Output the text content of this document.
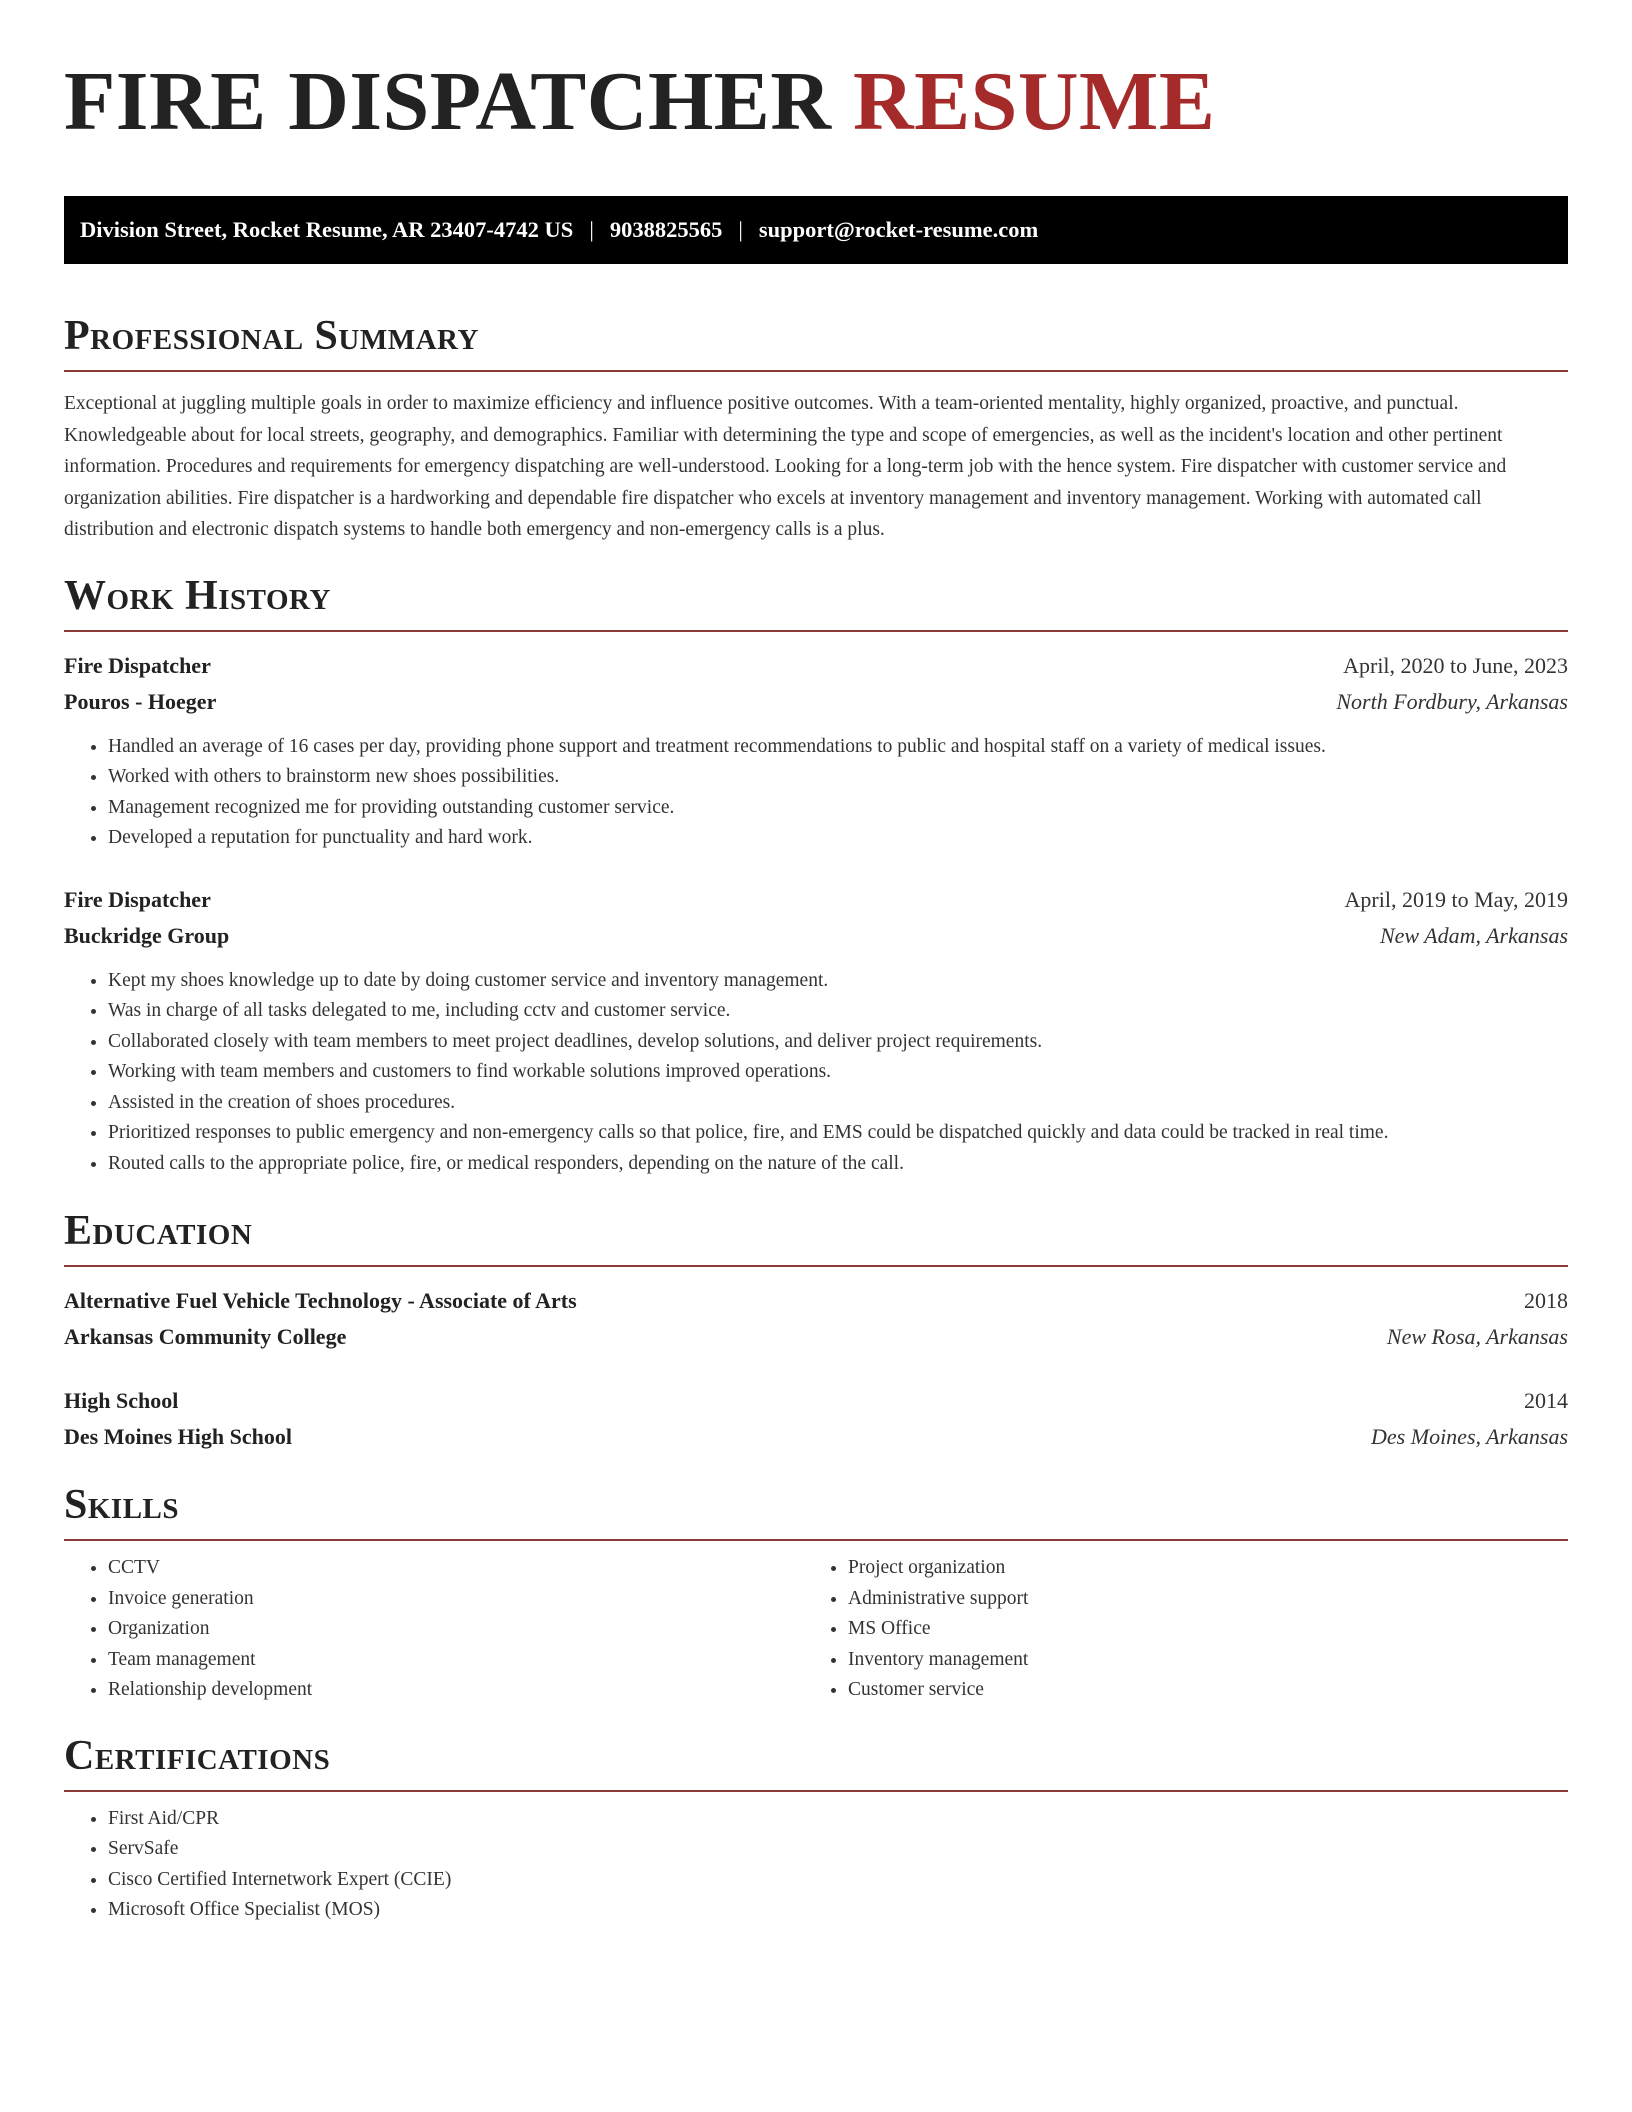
FIRE DISPATCHER RESUME
Division Street, Rocket Resume, AR 23407-4742 US | 9038825565 | support@rocket-resume.com
Professional Summary

Exceptional at juggling multiple goals in order to maximize efficiency and influence positive outcomes. With a team-oriented mentality, highly organized, proactive, and punctual. Knowledgeable about for local streets, geography, and demographics. Familiar with determining the type and scope of emergencies, as well as the incident's location and other pertinent information. Procedures and requirements for emergency dispatching are well-understood. Looking for a long-term job with the hence system. Fire dispatcher with customer service and organization abilities. Fire dispatcher is a hardworking and dependable fire dispatcher who excels at inventory management and inventory management. Working with automated call distribution and electronic dispatch systems to handle both emergency and non-emergency calls is a plus.

Work History
Fire Dispatcher	April, 2020 to June, 2023
Pouros - Hoeger	North Fordbury, Arkansas
• Handled an average of 16 cases per day, providing phone support and treatment recommendations to public and hospital staff on a variety of medical issues.
• Worked with others to brainstorm new shoes possibilities.
• Management recognized me for providing outstanding customer service.
• Developed a reputation for punctuality and hard work.
Fire Dispatcher	April, 2019 to May, 2019
Buckridge Group	New Adam, Arkansas
• Kept my shoes knowledge up to date by doing customer service and inventory management.
• Was in charge of all tasks delegated to me, including cctv and customer service.
• Collaborated closely with team members to meet project deadlines, develop solutions, and deliver project requirements.
• Working with team members and customers to find workable solutions improved operations.
• Assisted in the creation of shoes procedures.
• Prioritized responses to public emergency and non-emergency calls so that police, fire, and EMS could be dispatched quickly and data could be tracked in real time.
• Routed calls to the appropriate police, fire, or medical responders, depending on the nature of the call.
Education
Alternative Fuel Vehicle Technology - Associate of Arts	2018
Arkansas Community College	New Rosa, Arkansas
High School	2014
Des Moines High School	Des Moines, Arkansas
Skills
• CCTV
• Invoice generation
• Organization
• Team management
• Relationship development
• Project organization
• Administrative support
• MS Office
• Inventory management
• Customer service
Certifications
• First Aid/CPR
• ServSafe
• Cisco Certified Internetwork Expert (CCIE)
• Microsoft Office Specialist (MOS)
